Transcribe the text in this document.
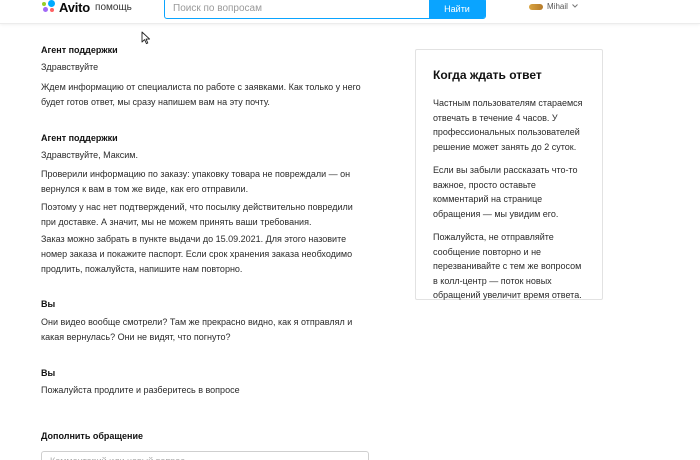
Avito помощь
Поиск по вопросам	Найти	Mihail
Агент поддержки
Здравствуйте
Ждем информацию от специалиста по работе с заявками. Как только у него будет готов ответ, мы сразу напишем вам на эту почту.
Агент поддержки
Здравствуйте, Максим.
Проверили информацию по заказу: упаковку товара не повреждали — он вернулся к вам в том же виде, как его отправили.
Поэтому у нас нет подтверждений, что посылку действительно повредили при доставке. А значит, мы не можем принять ваши требования.
Заказ можно забрать в пункте выдачи до 15.09.2021. Для этого назовите номер заказа и покажите паспорт. Если срок хранения заказа необходимо продлить, пожалуйста, напишите нам повторно.
Вы
Они видео вообще смотрели? Там же прекрасно видно, как я отправлял и какая вернулась? Они не видят, что погнуто?
Вы
Пожалуйста продлите и разберитесь в вопросе
Дополнить обращение
Комментарий или новый вопрос
Когда ждать ответ
Частным пользователям стараемся отвечать в течение 4 часов. У профессиональных пользователей решение может занять до 2 суток.
Если вы забыли рассказать что-то важное, просто оставьте комментарий на странице обращения — мы увидим его.
Пожалуйста, не отправляйте сообщение повторно и не перезванивайте с тем же вопросом в колл-центр — поток новых обращений увеличит время ответа.
